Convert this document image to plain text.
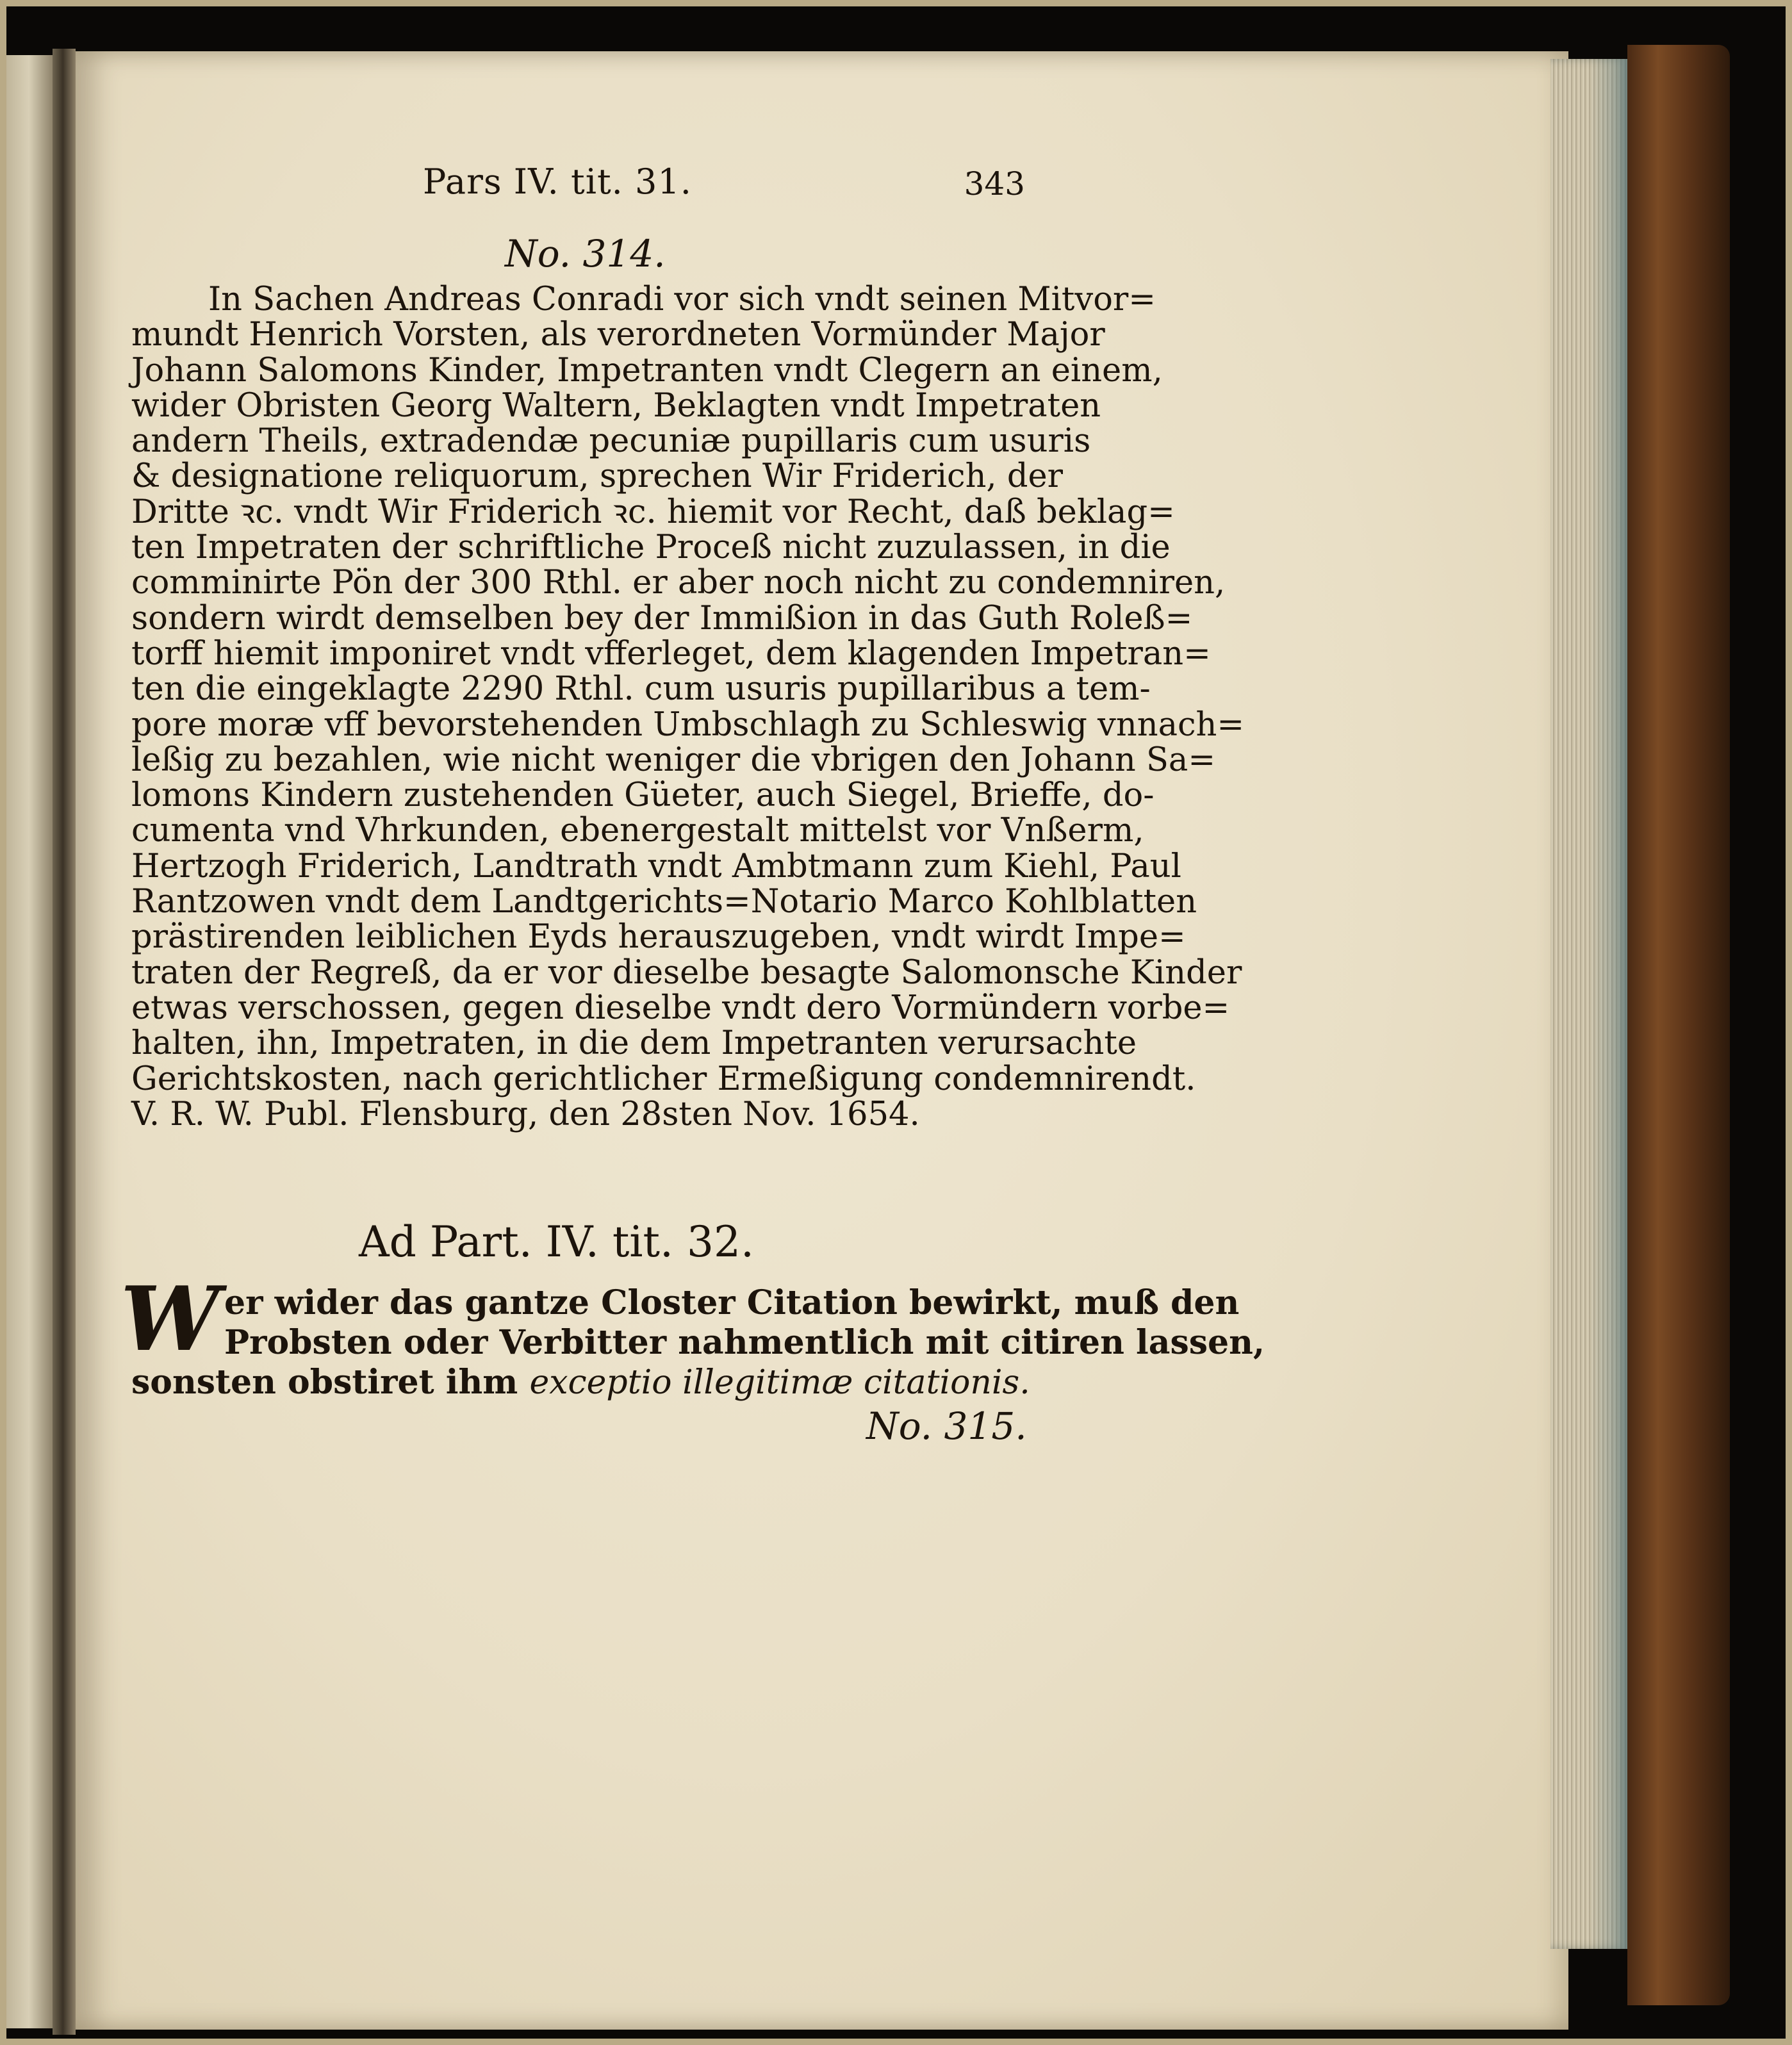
Pars IV. tit. 31.	343
No. 314.
In Sachen Andreas Conradi vor sich vndt seinen Mitvor=
mundt Henrich Vorsten, als verordneten Vormünder Major
Johann Salomons Kinder, Impetranten vndt Clegern an einem,
wider Obristen Georg Waltern, Beklagten vndt Impetraten
andern Theils, extradendæ pecuniæ pupillaris cum usuris
& designatione reliquorum, sprechen Wir Friderich, der
Dritte ꝛc. vndt Wir Friderich ꝛc. hiemit vor Recht, daß beklag=
ten Impetraten der schriftliche Proceß nicht zuzulassen, in die
comminirte Pön der 300 Rthl. er aber noch nicht zu condemniren,
sondern wirdt demselben bey der Immißion in das Guth Roleß=
torff hiemit imponiret vndt vfferleget, dem klagenden Impetran=
ten die eingeklagte 2290 Rthl. cum usuris pupillaribus a tem-
pore moræ vff bevorstehenden Umbschlagh zu Schleswig vnnach=
leßig zu bezahlen, wie nicht weniger die vbrigen den Johann Sa=
lomons Kindern zustehenden Güeter, auch Siegel, Brieffe, do-
cumenta vnd Vhrkunden, ebenergestalt mittelst vor Vnßerm,
Hertzogh Friderich, Landtrath vndt Ambtmann zum Kiehl, Paul
Rantzowen vndt dem Landtgerichts=Notario Marco Kohlblatten
prästirenden leiblichen Eyds herauszugeben, vndt wirdt Impe=
traten der Regreß, da er vor dieselbe besagte Salomonsche Kinder
etwas verschossen, gegen dieselbe vndt dero Vormündern vorbe=
halten, ihn, Impetraten, in die dem Impetranten verursachte
Gerichtskosten, nach gerichtlicher Ermeßigung condemnirendt.
V. R. W. Publ. Flensburg, den 28sten Nov. 1654.
Ad Part. IV. tit. 32.
W er wider das gantze Closter Citation bewirkt, muß den
Probsten oder Verbitter nahmentlich mit citiren lassen,
sonsten obstiret ihm exceptio illegitimæ citationis.
No. 315.
